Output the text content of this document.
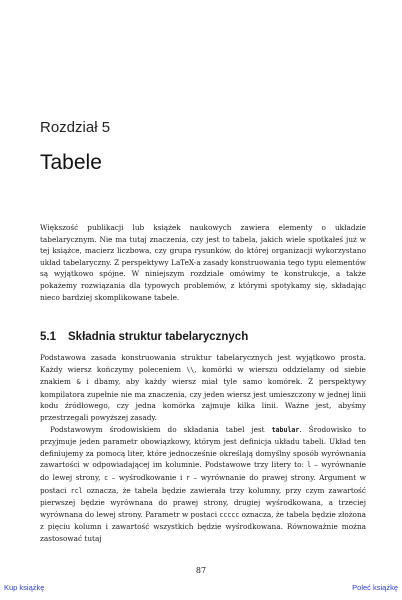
Rozdział 5
Tabele

Większość publikacji lub książek naukowych zawiera elementy o układzie tabelarycznym. Nie ma tutaj znaczenia, czy jest to tabela, jakich wiele spotkałeś już w tej książce, macierz liczbowa, czy grupa rysunków, do której organizacji wykorzystano układ tabelaryczny. Z perspektywy LaTeX-a zasady konstruowania tego typu elementów są wyjątkowo spójne. W niniejszym rozdziale omówimy te konstrukcje, a także pokażemy rozwiązania dla typowych problemów, z którymi spotykamy się, składając nieco bardziej skomplikowane tabele.

5.1 Składnia struktur tabelarycznych

Podstawowa zasada konstruowania struktur tabelarycznych jest wyjątkowo prosta. Każdy wiersz kończymy poleceniem \\, komórki w wierszu oddzielamy od siebie znakiem & i dbamy, aby każdy wiersz miał tyle samo komórek. Z perspektywy kompilatora zupełnie nie ma znaczenia, czy jeden wiersz jest umieszczony w jednej linii kodu źródłowego, czy jedna komórka zajmuje kilka linii. Ważne jest, abyśmy przestrzegali powyższej zasady.

Podstawowym środowiskiem do składania tabel jest tabular. Środowisko to przyjmuje jeden parametr obowiązkowy, którym jest definicja układu tabeli. Układ ten definiujemy za pomocą liter, które jednocześnie określają domyślny sposób wyrównania zawartości w odpowiadającej im kolumnie. Podstawowe trzy litery to: l – wyrównanie do lewej strony, c – wyśrodkowanie i r – wyrównanie do prawej strony. Argument w postaci rcl oznacza, że tabela będzie zawierała trzy kolumny, przy czym zawartość pierwszej będzie wyrównana do prawej strony, drugiej wyśrodkowana, a trzeciej wyrównana do lewej strony. Parametr w postaci ccccc oznacza, że tabela będzie złożona z pięciu kolumn i zawartość wszystkich będzie wyśrodkowana. Równoważnie można zastosować tutaj

87
Kup książkę	Poleć książkę
